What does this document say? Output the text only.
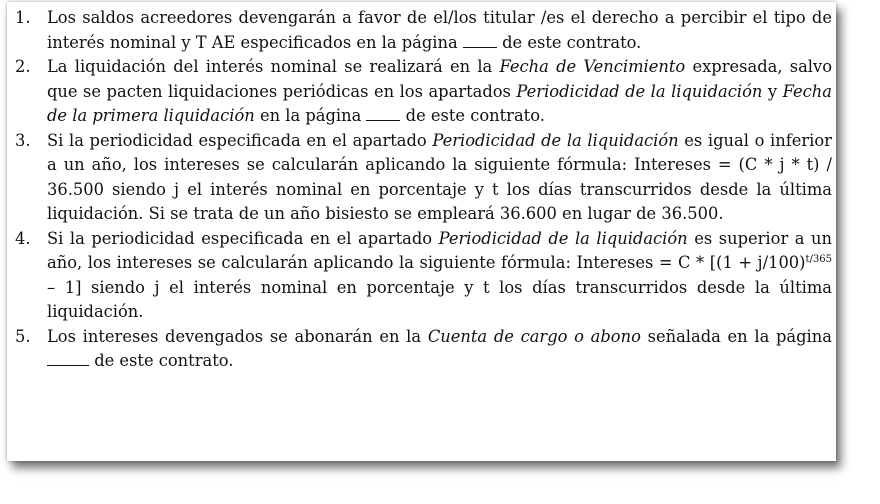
1. Los saldos acreedores devengarán a favor de el/los titular /es el derecho a percibir el tipo de interés nominal y T AE especificados en la página	de este contrato.
2. La liquidación del interés nominal se realizará en la Fecha de Vencimiento expresada, salvo que se pacten liquidaciones periódicas en los apartados Periodicidad de la liquidación y Fecha de la primera liquidación en la página	de este contrato.
3. Si la periodicidad especificada en el apartado Periodicidad de la liquidación es igual o inferior a un año, los intereses se calcularán aplicando la siguiente fórmula: Intereses = (C * j * t) / 36.500 siendo j el interés nominal en porcentaje y t los días transcurridos desde la última liquidación. Si se trata de un año bisiesto se empleará 36.600 en lugar de 36.500.
4. Si la periodicidad especificada en el apartado Periodicidad de la liquidación es superior a un año, los intereses se calcularán aplicando la siguiente fórmula: Intereses = $C * [(1 + j/100)^{t/365} - 1]$ siendo j el interés nominal en porcentaje y t los días transcurridos desde la última liquidación.
5. Los intereses devengados se abonarán en la Cuenta de cargo o abono señalada en la página  de este contrato.
